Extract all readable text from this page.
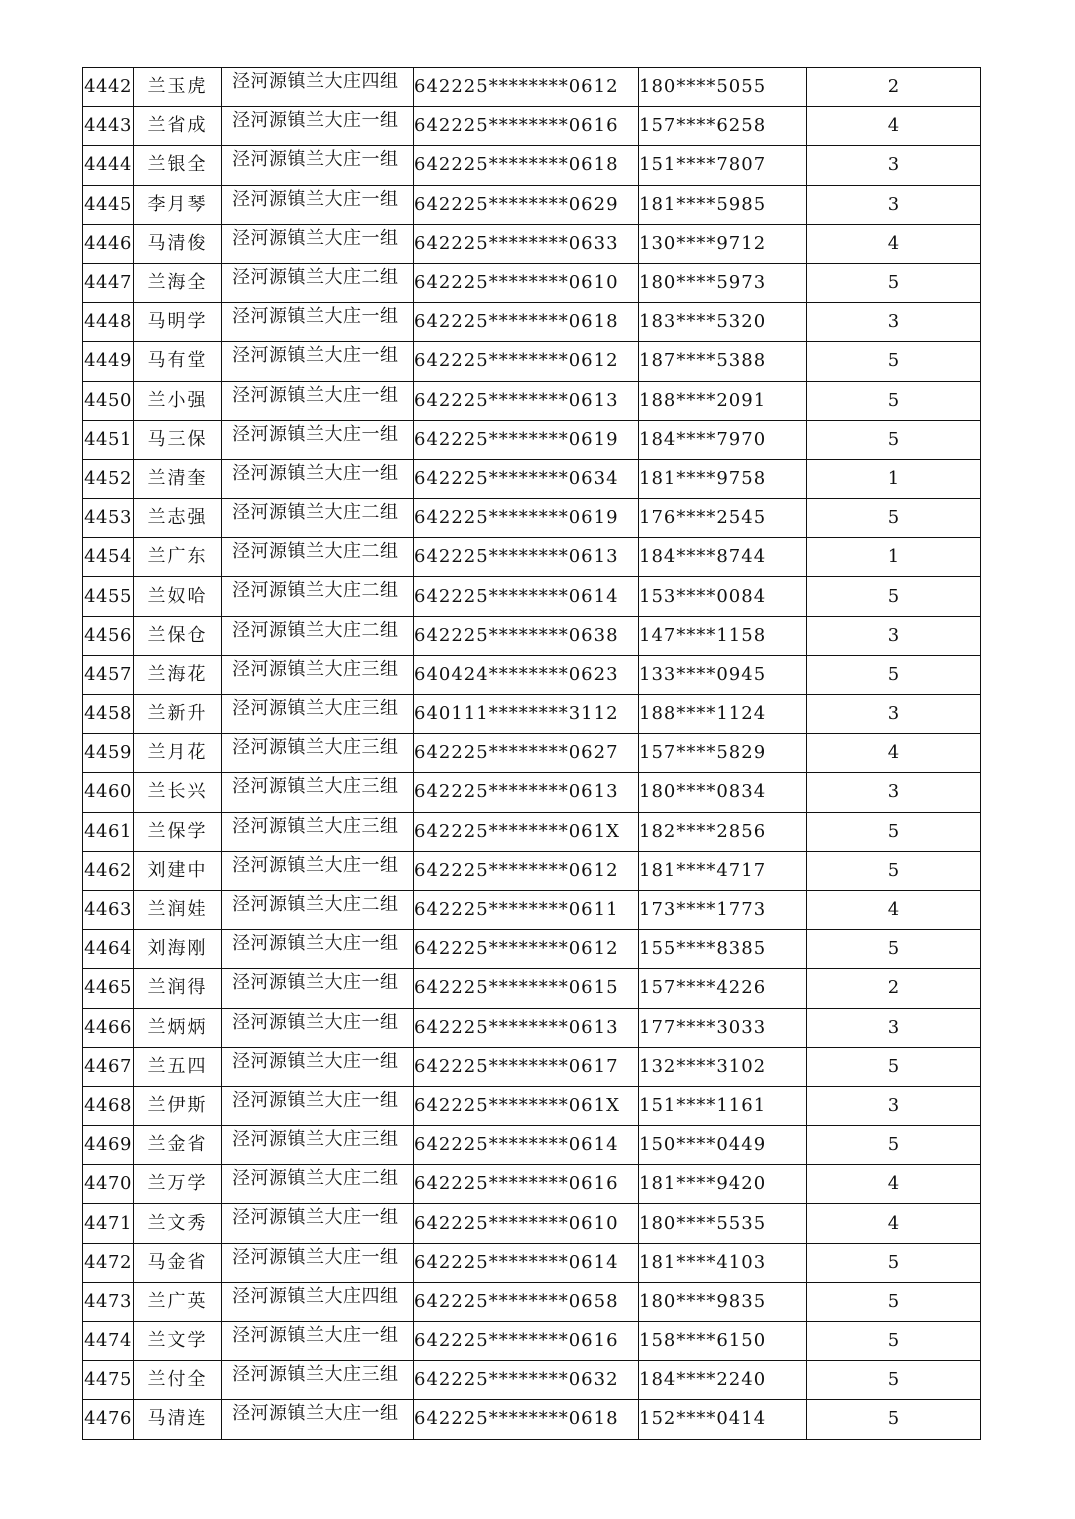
4442	兰玉虎	泾河源镇兰大庄四组	642225********0612	180****5055	2
4443	兰省成	泾河源镇兰大庄一组	642225********0616	157****6258	4
4444	兰银全	泾河源镇兰大庄一组	642225********0618	151****7807	3
4445	李月琴	泾河源镇兰大庄一组	642225********0629	181****5985	3
4446	马清俊	泾河源镇兰大庄一组	642225********0633	130****9712	4
4447	兰海全	泾河源镇兰大庄二组	642225********0610	180****5973	5
4448	马明学	泾河源镇兰大庄一组	642225********0618	183****5320	3
4449	马有堂	泾河源镇兰大庄一组	642225********0612	187****5388	5
4450	兰小强	泾河源镇兰大庄一组	642225********0613	188****2091	5
4451	马三保	泾河源镇兰大庄一组	642225********0619	184****7970	5
4452	兰清奎	泾河源镇兰大庄一组	642225********0634	181****9758	1
4453	兰志强	泾河源镇兰大庄二组	642225********0619	176****2545	5
4454	兰广东	泾河源镇兰大庄二组	642225********0613	184****8744	1
4455	兰奴哈	泾河源镇兰大庄二组	642225********0614	153****0084	5
4456	兰保仓	泾河源镇兰大庄二组	642225********0638	147****1158	3
4457	兰海花	泾河源镇兰大庄三组	640424********0623	133****0945	5
4458	兰新升	泾河源镇兰大庄三组	640111********3112	188****1124	3
4459	兰月花	泾河源镇兰大庄三组	642225********0627	157****5829	4
4460	兰长兴	泾河源镇兰大庄三组	642225********0613	180****0834	3
4461	兰保学	泾河源镇兰大庄三组	642225********061X	182****2856	5
4462	刘建中	泾河源镇兰大庄一组	642225********0612	181****4717	5
4463	兰润娃	泾河源镇兰大庄二组	642225********0611	173****1773	4
4464	刘海刚	泾河源镇兰大庄一组	642225********0612	155****8385	5
4465	兰润得	泾河源镇兰大庄一组	642225********0615	157****4226	2
4466	兰炳炳	泾河源镇兰大庄一组	642225********0613	177****3033	3
4467	兰五四	泾河源镇兰大庄一组	642225********0617	132****3102	5
4468	兰伊斯	泾河源镇兰大庄一组	642225********061X	151****1161	3
4469	兰金省	泾河源镇兰大庄三组	642225********0614	150****0449	5
4470	兰万学	泾河源镇兰大庄二组	642225********0616	181****9420	4
4471	兰文秀	泾河源镇兰大庄一组	642225********0610	180****5535	4
4472	马金省	泾河源镇兰大庄一组	642225********0614	181****4103	5
4473	兰广英	泾河源镇兰大庄四组	642225********0658	180****9835	5
4474	兰文学	泾河源镇兰大庄一组	642225********0616	158****6150	5
4475	兰付全	泾河源镇兰大庄三组	642225********0632	184****2240	5
4476	马清连	泾河源镇兰大庄一组	642225********0618	152****0414	5
